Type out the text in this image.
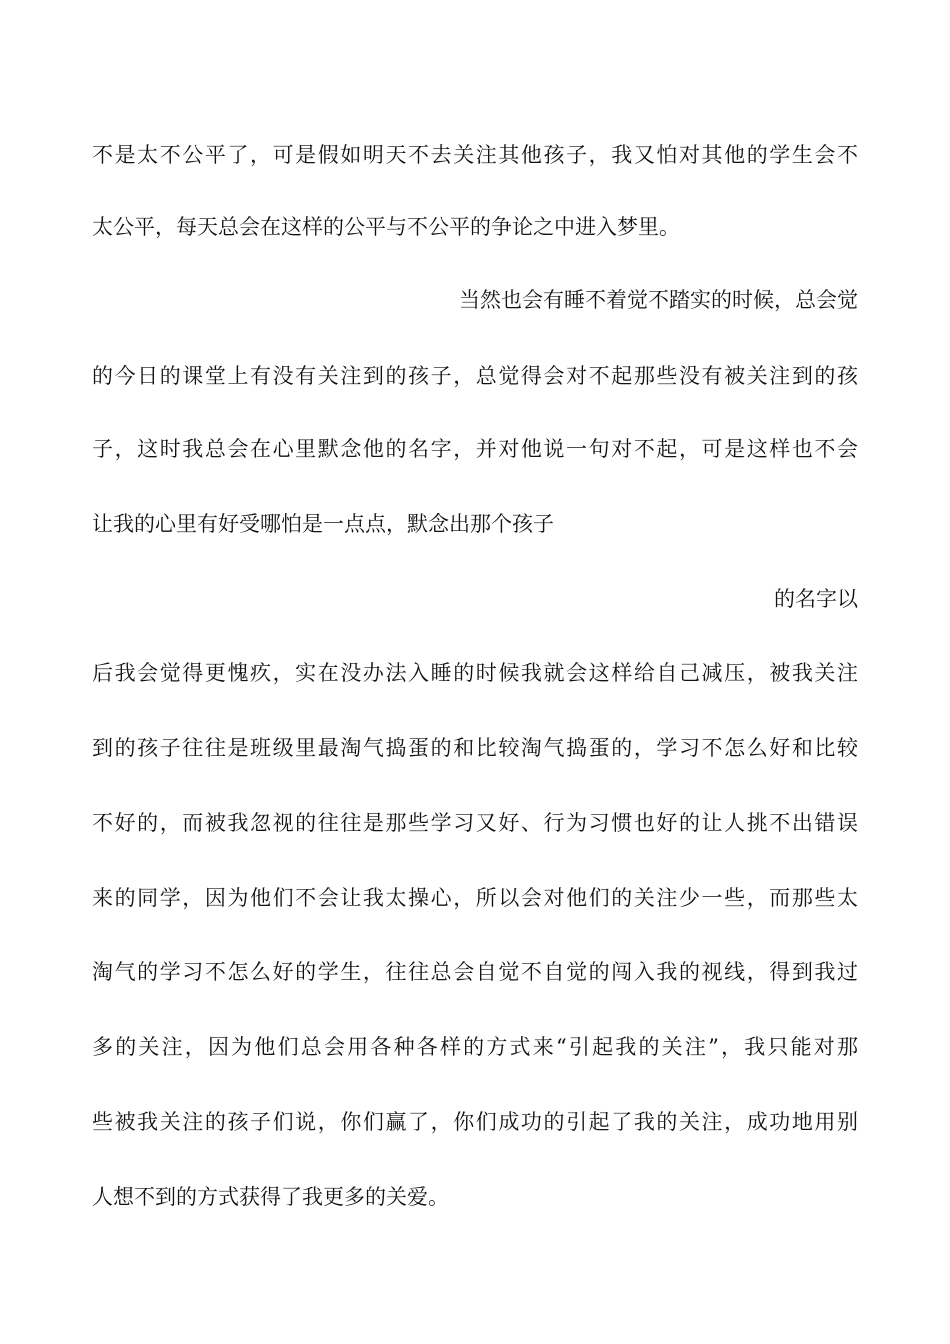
不是太不公平了，可是假如明天不去关注其他孩子，我又怕对其他的学生会不
太公平，每天总会在这样的公平与不公平的争论之中进入梦里。
当然也会有睡不着觉不踏实的时候，总会觉
的今日的课堂上有没有关注到的孩子，总觉得会对不起那些没有被关注到的孩
子，这时我总会在心里默念他的名字，并对他说一句对不起，可是这样也不会
让我的心里有好受哪怕是一点点，默念出那个孩子
的名字以
后我会觉得更愧疚，实在没办法入睡的时候我就会这样给自己减压，被我关注
到的孩子往往是班级里最淘气捣蛋的和比较淘气捣蛋的，学习不怎么好和比较
不好的，而被我忽视的往往是那些学习又好、行为习惯也好的让人挑不出错误
来的同学，因为他们不会让我太操心，所以会对他们的关注少一些，而那些太
淘气的学习不怎么好的学生，往往总会自觉不自觉的闯入我的视线，得到我过
多的关注，因为他们总会用各种各样的方式来“引起我的关注”，我只能对那
些被我关注的孩子们说，你们赢了，你们成功的引起了我的关注，成功地用别
人想不到的方式获得了我更多的关爱。
